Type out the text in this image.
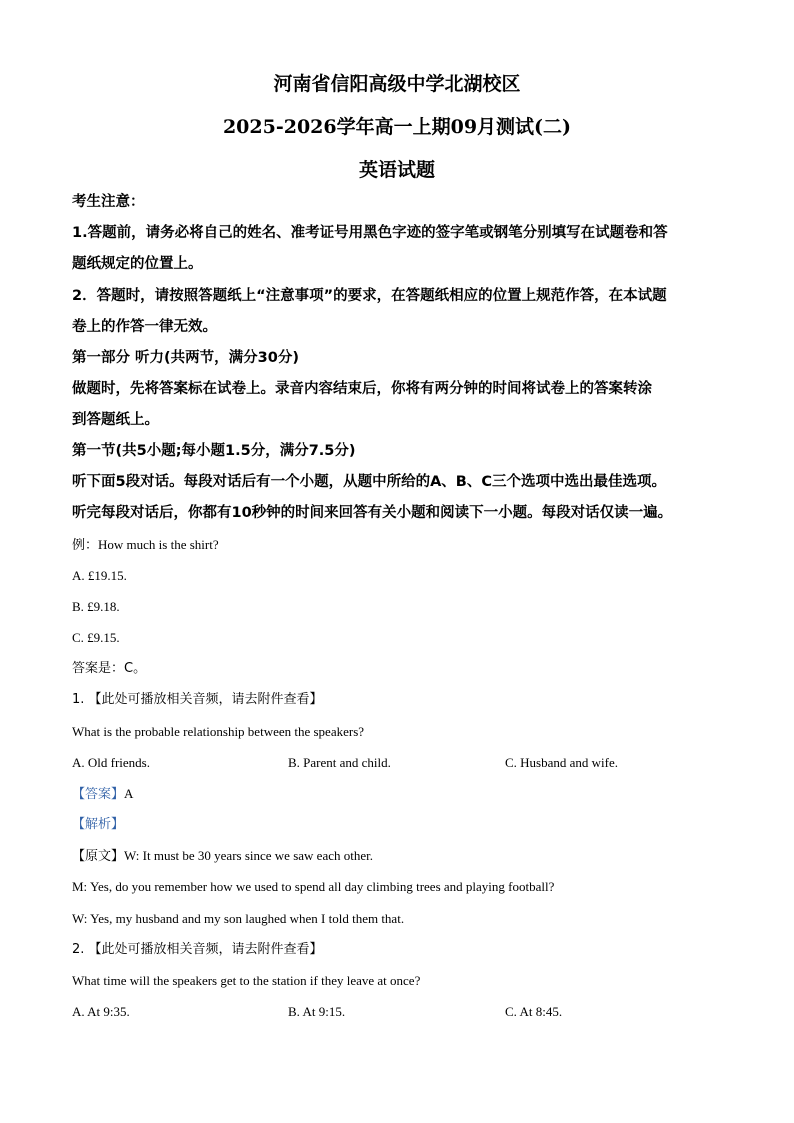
河南省信阳高级中学北湖校区
2025-2026学年高一上期09月测试(二)
英语试题
考生注意：
1.答题前，请务必将自己的姓名、准考证号用黑色字迹的签字笔或钢笔分别填写在试题卷和答
题纸规定的位置上。
2．答题时，请按照答题纸上“注意事项”的要求，在答题纸相应的位置上规范作答，在本试题
卷上的作答一律无效。
第一部分 听力(共两节，满分30分)
做题时，先将答案标在试卷上。录音内容结束后，你将有两分钟的时间将试卷上的答案转涂
到答题纸上。
第一节(共5小题;每小题1.5分，满分7.5分)
听下面5段对话。每段对话后有一个小题，从题中所给的A、B、C三个选项中选出最佳选项。
听完每段对话后，你都有10秒钟的时间来回答有关小题和阅读下一小题。每段对话仅读一遍。
例：How much is the shirt?
A. £19.15.
B. £9.18.
C. £9.15.
答案是：C。
1. 【此处可播放相关音频，请去附件查看】
What is the probable relationship between the speakers?
A. Old friends.	B. Parent and child.	C. Husband and wife.
【答案】A
【解析】
【原文】W: It must be 30 years since we saw each other.
M: Yes, do you remember how we used to spend all day climbing trees and playing football?
W: Yes, my husband and my son laughed when I told them that.
2. 【此处可播放相关音频，请去附件查看】
What time will the speakers get to the station if they leave at once?
A. At 9:35.	B. At 9:15.	C. At 8:45.
